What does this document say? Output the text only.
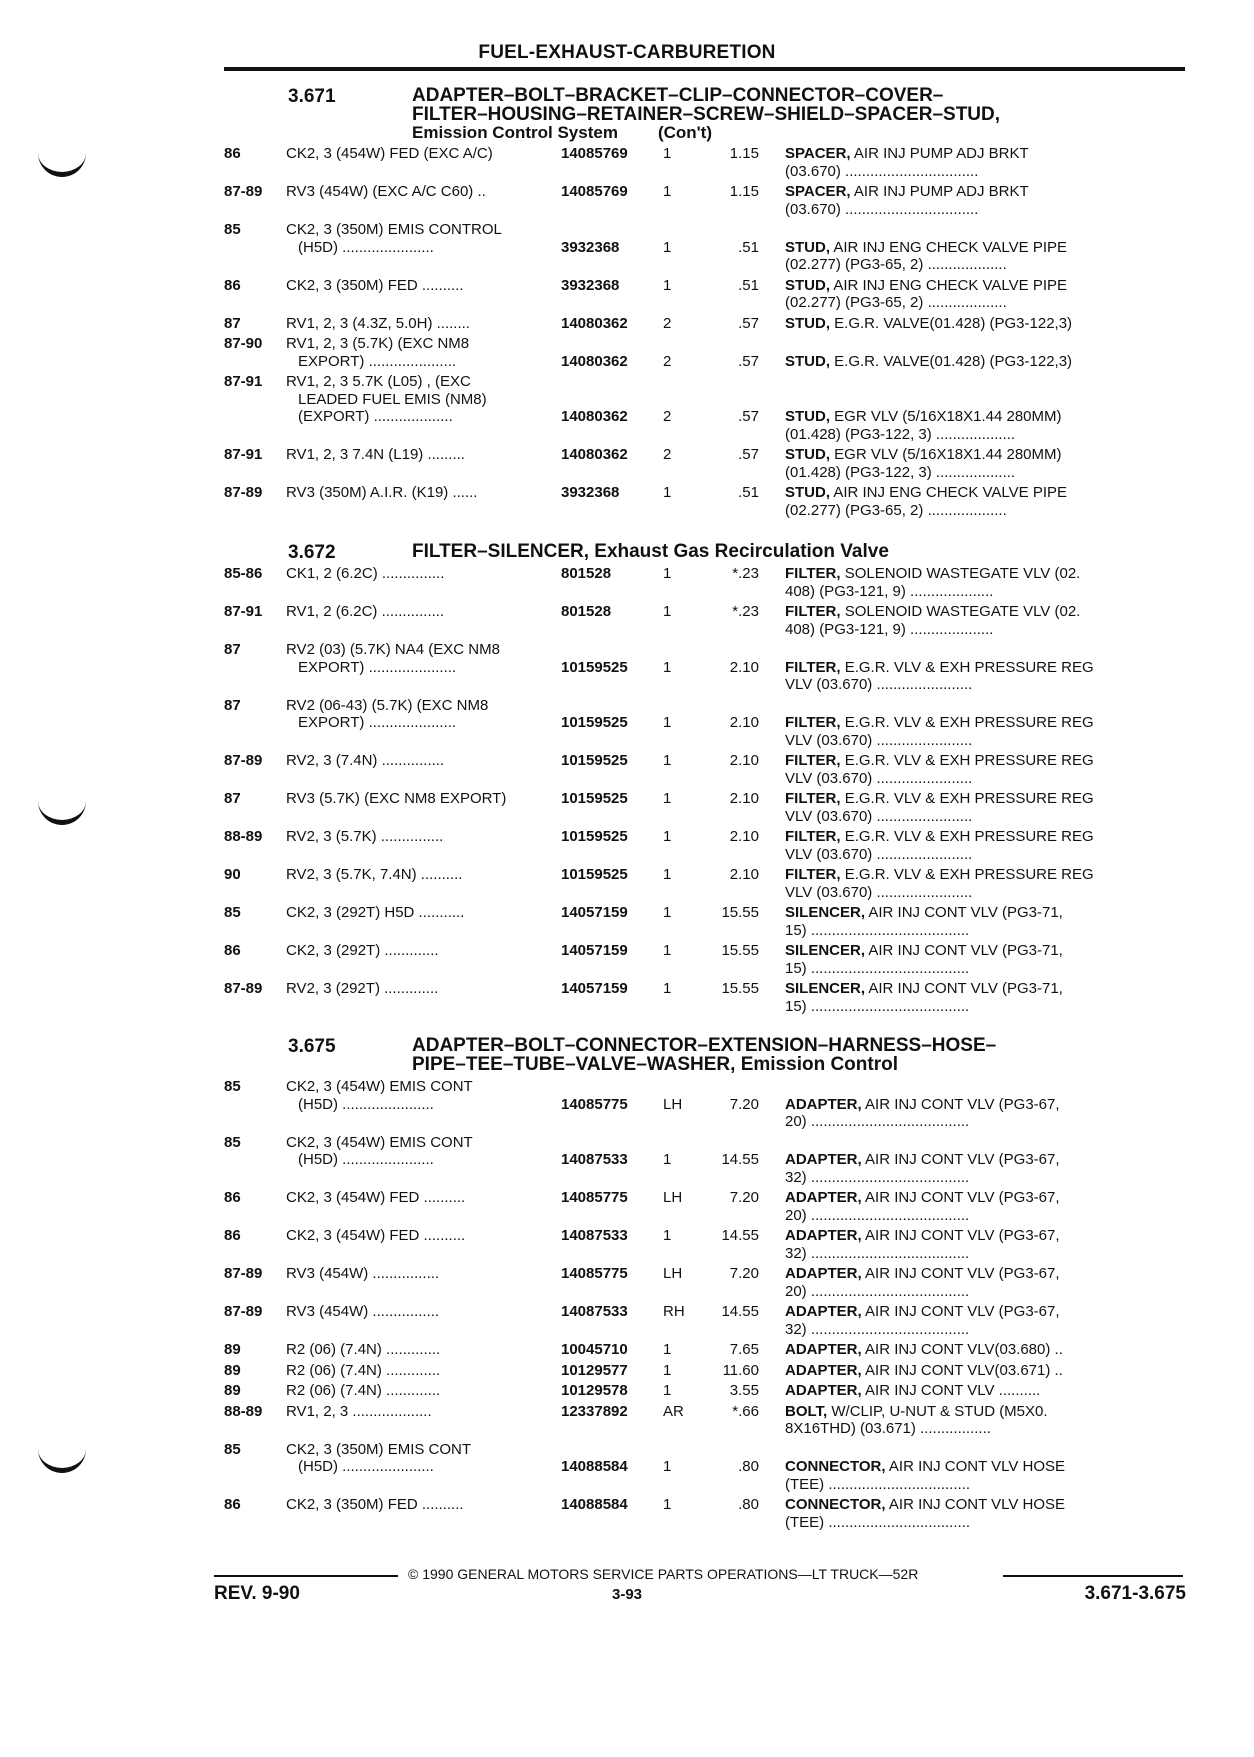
FUEL-EXHAUST-CARBURETION
3.671	ADAPTER–BOLT–BRACKET–CLIP–CONNECTOR–COVER–
FILTER–HOUSING–RETAINER–SCREW–SHIELD–SPACER–STUD,
Emission Control System (Con't)
86	CK2, 3 (454W) FED (EXC A/C)	14085769	1	1.15 SPACER, AIR INJ PUMP ADJ BRKT
(03.670) ................................
87-89	RV3 (454W) (EXC A/C C60) ..	14085769	1	1.15 SPACER, AIR INJ PUMP ADJ BRKT
(03.670) ................................
85	CK2, 3 (350M) EMIS CONTROL
(H5D) ......................	3932368	1	.51 STUD, AIR INJ ENG CHECK VALVE PIPE
(02.277) (PG3-65, 2) ...................
86	CK2, 3 (350M) FED ..........	3932368	1	.51 STUD, AIR INJ ENG CHECK VALVE PIPE
(02.277) (PG3-65, 2) ...................
87	RV1, 2, 3 (4.3Z, 5.0H) ........	14080362	2	.57 STUD, E.G.R. VALVE(01.428) (PG3-122,3)
87-90	RV1, 2, 3 (5.7K) (EXC NM8
EXPORT) .....................	14080362	2	.57 STUD, E.G.R. VALVE(01.428) (PG3-122,3)
87-91	RV1, 2, 3 5.7K (L05) , (EXC
LEADED FUEL EMIS (NM8)
(EXPORT) ...................	14080362	2	.57 STUD, EGR VLV (5/16X18X1.44 280MM)
(01.428) (PG3-122, 3) ...................
87-91	RV1, 2, 3 7.4N (L19) .........	14080362	2	.57 STUD, EGR VLV (5/16X18X1.44 280MM)
(01.428) (PG3-122, 3) ...................
87-89	RV3 (350M) A.I.R. (K19) ......	3932368	1	.51 STUD, AIR INJ ENG CHECK VALVE PIPE
(02.277) (PG3-65, 2) ...................
3.672	FILTER–SILENCER, Exhaust Gas Recirculation Valve
85-86	CK1, 2 (6.2C) ...............	801528	1	*.23 FILTER, SOLENOID WASTEGATE VLV (02.
408) (PG3-121, 9) ....................
87-91	RV1, 2 (6.2C) ...............	801528	1	*.23 FILTER, SOLENOID WASTEGATE VLV (02.
408) (PG3-121, 9) ....................
87	RV2 (03) (5.7K) NA4 (EXC NM8
EXPORT) .....................	10159525	1	2.10 FILTER, E.G.R. VLV & EXH PRESSURE REG
VLV (03.670) .......................
87	RV2 (06-43) (5.7K) (EXC NM8
EXPORT) .....................	10159525	1	2.10 FILTER, E.G.R. VLV & EXH PRESSURE REG
VLV (03.670) .......................
87-89	RV2, 3 (7.4N) ...............	10159525	1	2.10 FILTER, E.G.R. VLV & EXH PRESSURE REG
VLV (03.670) .......................
87	RV3 (5.7K) (EXC NM8 EXPORT)	10159525	1	2.10 FILTER, E.G.R. VLV & EXH PRESSURE REG
VLV (03.670) .......................
88-89	RV2, 3 (5.7K) ...............	10159525	1	2.10 FILTER, E.G.R. VLV & EXH PRESSURE REG
VLV (03.670) .......................
90	RV2, 3 (5.7K, 7.4N) ..........	10159525	1	2.10 FILTER, E.G.R. VLV & EXH PRESSURE REG
VLV (03.670) .......................
85	CK2, 3 (292T) H5D ...........	14057159	1	15.55 SILENCER, AIR INJ CONT VLV (PG3-71,
15) ......................................
86	CK2, 3 (292T) .............	14057159	1	15.55 SILENCER, AIR INJ CONT VLV (PG3-71,
15) ......................................
87-89	RV2, 3 (292T) .............	14057159	1	15.55 SILENCER, AIR INJ CONT VLV (PG3-71,
15) ......................................
3.675	ADAPTER–BOLT–CONNECTOR–EXTENSION–HARNESS–HOSE–
PIPE–TEE–TUBE–VALVE–WASHER, Emission Control
85	CK2, 3 (454W) EMIS CONT
(H5D) ......................	14085775	LH	7.20 ADAPTER, AIR INJ CONT VLV (PG3-67,
20) ......................................
85	CK2, 3 (454W) EMIS CONT
(H5D) ......................	14087533	1	14.55 ADAPTER, AIR INJ CONT VLV (PG3-67,
32) ......................................
86	CK2, 3 (454W) FED ..........	14085775	LH	7.20 ADAPTER, AIR INJ CONT VLV (PG3-67,
20) ......................................
86	CK2, 3 (454W) FED ..........	14087533	1	14.55 ADAPTER, AIR INJ CONT VLV (PG3-67,
32) ......................................
87-89	RV3 (454W) ................	14085775	LH	7.20 ADAPTER, AIR INJ CONT VLV (PG3-67,
20) ......................................
87-89	RV3 (454W) ................	14087533	RH	14.55 ADAPTER, AIR INJ CONT VLV (PG3-67,
32) ......................................
89	R2 (06) (7.4N) .............	10045710	1	7.65 ADAPTER, AIR INJ CONT VLV(03.680) ..
89	R2 (06) (7.4N) .............	10129577	1	11.60 ADAPTER, AIR INJ CONT VLV(03.671) ..
89	R2 (06) (7.4N) .............	10129578	1	3.55 ADAPTER, AIR INJ CONT VLV ..........
88-89	RV1, 2, 3 ...................	12337892	AR	*.66 BOLT, W/CLIP, U-NUT & STUD (M5X0.
8X16THD) (03.671) .................
85	CK2, 3 (350M) EMIS CONT
(H5D) ......................	14088584	1	.80 CONNECTOR, AIR INJ CONT VLV HOSE
(TEE) ..................................
86	CK2, 3 (350M) FED ..........	14088584	1	.80 CONNECTOR, AIR INJ CONT VLV HOSE
(TEE) ..................................
© 1990 GENERAL MOTORS SERVICE PARTS OPERATIONS—LT TRUCK—52R
REV. 9-90	3-93	3.671-3.675
